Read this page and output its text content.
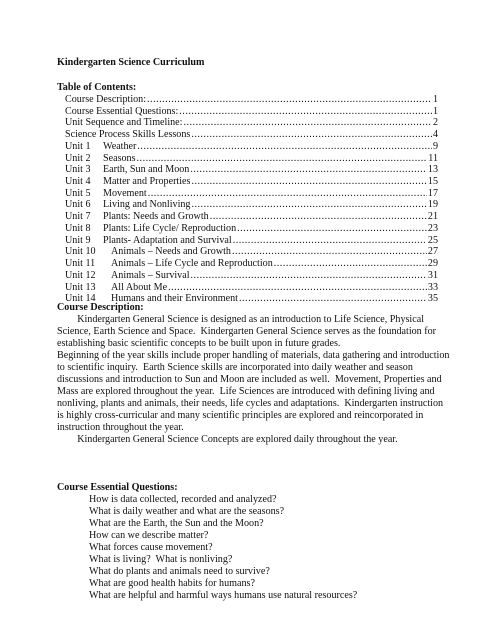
Kindergarten Science Curriculum
Table of Contents:
Course Description: .....	1
Course Essential Questions: .....	1
Unit Sequence and Timeline: .....	2
Science Process Skills Lessons .....	4
Unit 1	Weather .....	9
Unit 2	Seasons .....	11
Unit 3	Earth, Sun and Moon .....	13
Unit 4	Matter and Properties .....	15
Unit 5	Movement .....	17
Unit 6	Living and Nonliving .....	19
Unit 7	Plants: Needs and Growth .....	21
Unit 8	Plants: Life Cycle/ Reproduction .....	23
Unit 9	Plants- Adaptation and Survival .....	25
Unit 10	Animals – Needs and Growth .....	27
Unit 11	Animals – Life Cycle and Reproduction .....	29
Unit 12	Animals – Survival .....	31
Unit 13	All About Me .....	33
Unit 14	Humans and their Environment .....	35
Course Description:
Kindergarten General Science is designed as an introduction to Life Science, Physical
Science, Earth Science and Space.  Kindergarten General Science serves as the foundation for
establishing basic scientific concepts to be built upon in future grades.
Beginning of the year skills include proper handling of materials, data gathering and introduction
to scientific inquiry.  Earth Science skills are incorporated into daily weather and season
discussions and introduction to Sun and Moon are included as well.  Movement, Properties and
Mass are explored throughout the year.  Life Sciences are introduced with defining living and
nonliving, plants and animals, their needs, life cycles and adaptations.  Kindergarten instruction
is highly cross-curricular and many scientific principles are explored and reincorporated in
instruction throughout the year.
Kindergarten General Science Concepts are explored daily throughout the year.
Course Essential Questions:
How is data collected, recorded and analyzed?
What is daily weather and what are the seasons?
What are the Earth, the Sun and the Moon?
How can we describe matter?
What forces cause movement?
What is living?  What is nonliving?
What do plants and animals need to survive?
What are good health habits for humans?
What are helpful and harmful ways humans use natural resources?
